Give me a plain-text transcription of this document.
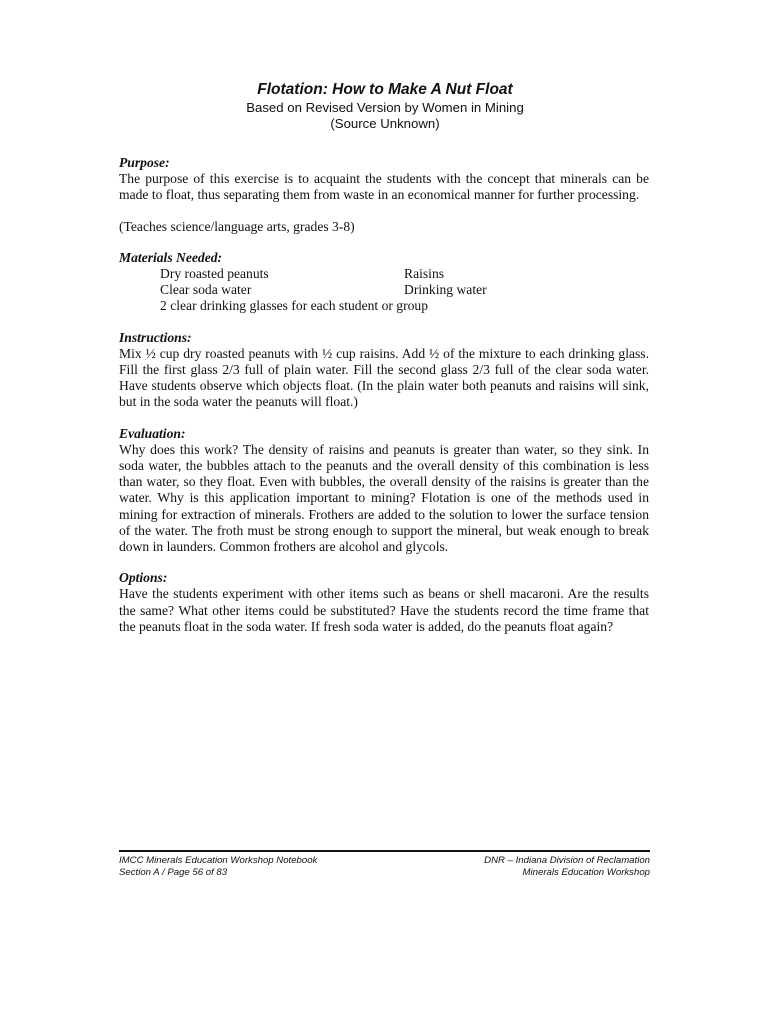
Flotation: How to Make A Nut Float

Based on Revised Version by Women in Mining

(Source Unknown)

Purpose:

The purpose of this exercise is to acquaint the students with the concept that minerals can be made to float, thus separating them from waste in an economical manner for further processing.

(Teaches science/language arts, grades 3-8)

Materials Needed:

Dry roasted peanuts	Raisins
Clear soda water	Drinking water
2 clear drinking glasses for each student or group

Instructions:

Mix ½ cup dry roasted peanuts with ½ cup raisins. Add ½ of the mixture to each drinking glass. Fill the first glass 2/3 full of plain water. Fill the second glass 2/3 full of the clear soda water. Have students observe which objects float. (In the plain water both peanuts and raisins will sink, but in the soda water the peanuts will float.)

Evaluation:

Why does this work? The density of raisins and peanuts is greater than water, so they sink. In soda water, the bubbles attach to the peanuts and the overall density of this combination is less than water, so they float. Even with bubbles, the overall density of the raisins is greater than the water. Why is this application important to mining? Flotation is one of the methods used in mining for extraction of minerals. Frothers are added to the solution to lower the surface tension of the water. The froth must be strong enough to support the mineral, but weak enough to break down in launders. Common frothers are alcohol and glycols.

Options:

Have the students experiment with other items such as beans or shell macaroni. Are the results the same? What other items could be substituted? Have the students record the time frame that the peanuts float in the soda water. If fresh soda water is added, do the peanuts float again?

IMCC Minerals Education Workshop Notebook
Section A / Page 56 of 83
DNR – Indiana Division of Reclamation
Minerals Education Workshop
